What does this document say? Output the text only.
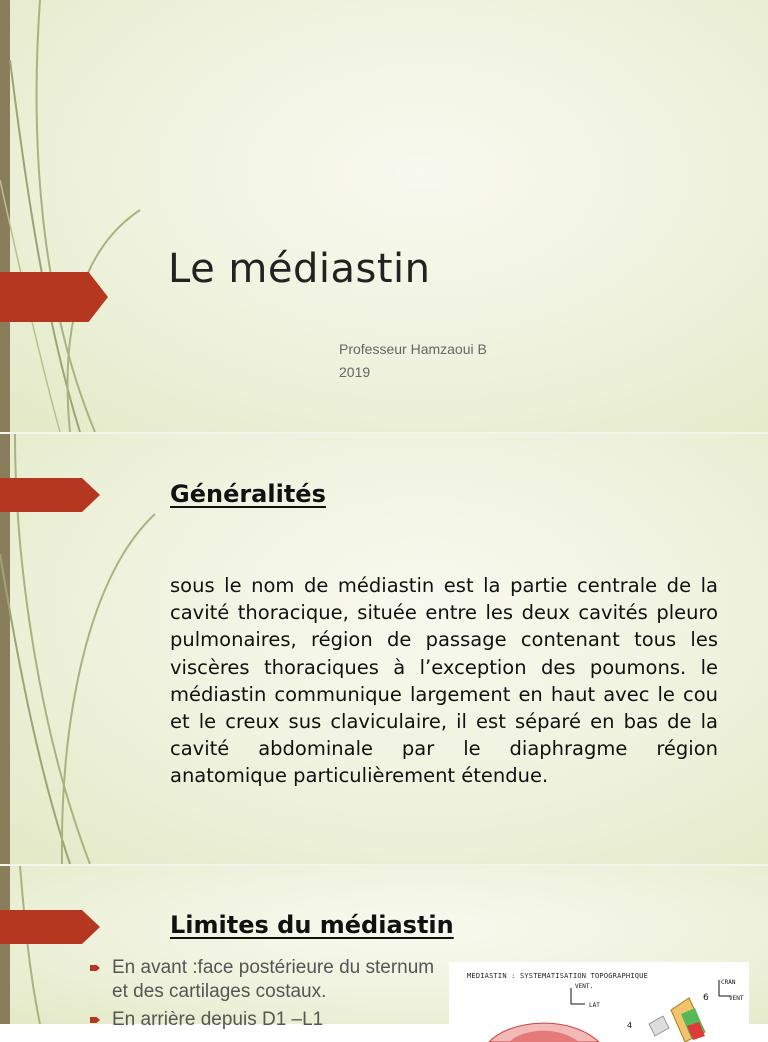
Le médiastin
Professeur Hamzaoui B
2019
Généralités
sous le nom de médiastin est la partie centrale de la cavité thoracique, située entre les deux cavités pleuro pulmonaires, région de passage contenant tous les viscères thoraciques à l’exception des poumons. le médiastin communique largement en haut avec le cou et le creux sus claviculaire, il est séparé en bas de la cavité abdominale par le diaphragme région anatomique particulièrement étendue.
Limites du médiastin
En avant :face postérieure du sternum et des cartilages costaux.
En arrière depuis D1 –L1
MEDIASTIN : SYSTEMATISATION TOPOGRAPHIQUE
VENT.
LAT
CRAN
VENT
6
4
